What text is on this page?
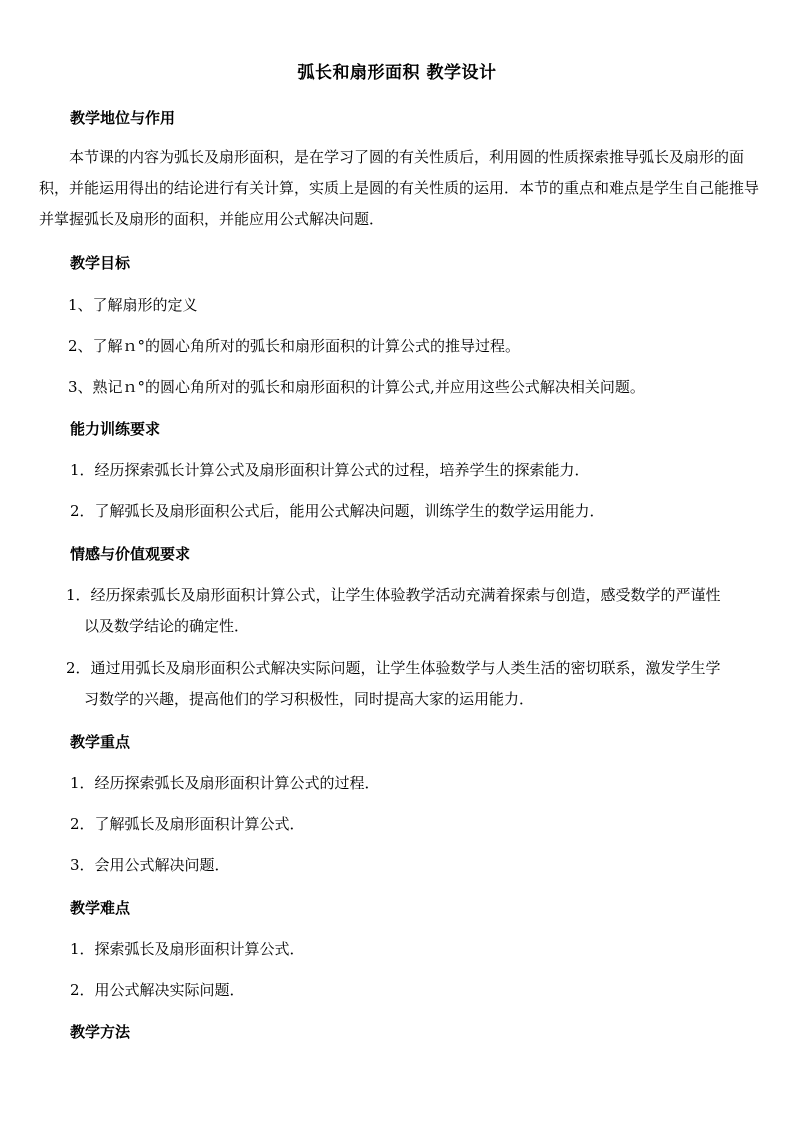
弧长和扇形面积 教学设计
教学地位与作用
本节课的内容为弧长及扇形面积，是在学习了圆的有关性质后，利用圆的性质探索推导弧长及扇形的面积，并能运用得出的结论进行有关计算，实质上是圆的有关性质的运用．本节的重点和难点是学生自己能推导并掌握弧长及扇形的面积，并能应用公式解决问题．
教学目标
1、了解扇形的定义
2、了解ｎ°的圆心角所对的弧长和扇形面积的计算公式的推导过程。
3、熟记ｎ°的圆心角所对的弧长和扇形面积的计算公式,并应用这些公式解决相关问题。
能力训练要求
1．经历探索弧长计算公式及扇形面积计算公式的过程，培养学生的探索能力．
2．了解弧长及扇形面积公式后，能用公式解决问题，训练学生的数学运用能力．
情感与价值观要求
1．经历探索弧长及扇形面积计算公式，让学生体验教学活动充满着探索与创造，感受数学的严谨性
以及数学结论的确定性．
2．通过用弧长及扇形面积公式解决实际问题，让学生体验数学与人类生活的密切联系，激发学生学
习数学的兴趣，提高他们的学习积极性，同时提高大家的运用能力．
教学重点
1．经历探索弧长及扇形面积计算公式的过程．
2．了解弧长及扇形面积计算公式．
3．会用公式解决问题．
教学难点
1．探索弧长及扇形面积计算公式．
2．用公式解决实际问题．
教学方法
